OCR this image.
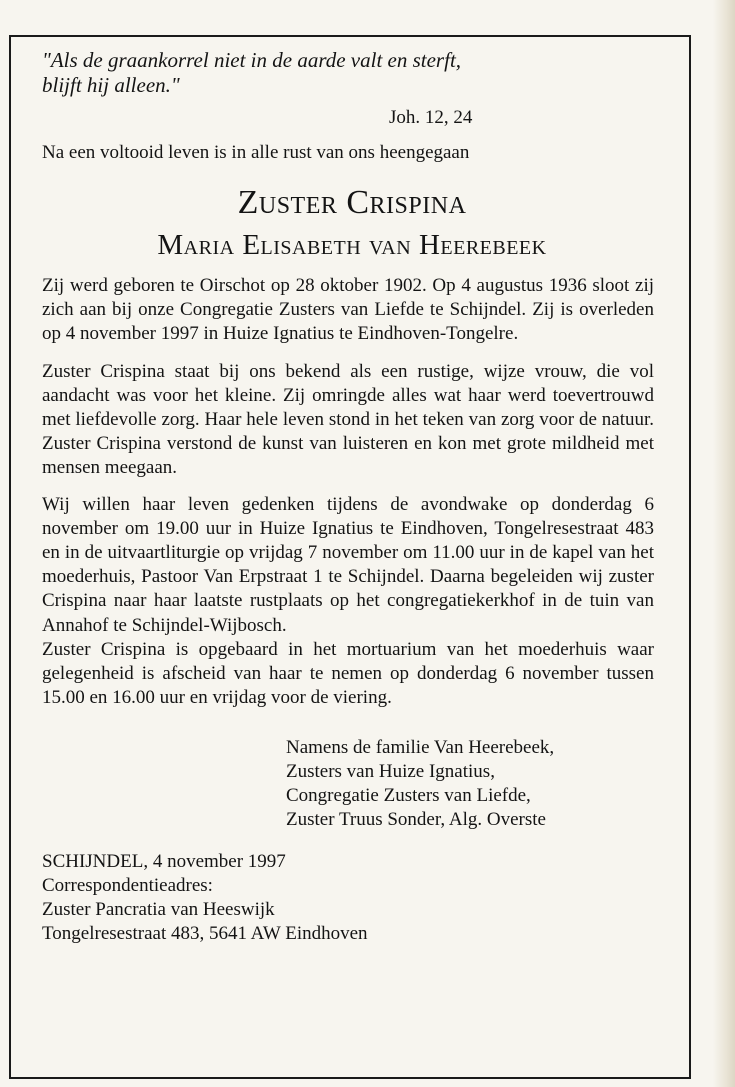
"Als de graankorrel niet in de aarde valt en sterft,

blijft hij alleen."

Joh. 12, 24
Na een voltooid leven is in alle rust van ons heengegaan
Zuster Crispina
Maria Elisabeth van Heerebeek

Zij werd geboren te Oirschot op 28 oktober 1902. Op 4 augustus 1936 sloot zij zich aan bij onze Congregatie Zusters van Liefde te Schijndel. Zij is overleden op 4 november 1997 in Huize Ignatius te Eindhoven-Tongelre.

Zuster Crispina staat bij ons bekend als een rustige, wijze vrouw, die vol aandacht was voor het kleine. Zij omringde alles wat haar werd toevertrouwd met liefdevolle zorg. Haar hele leven stond in het teken van zorg voor de natuur. Zuster Crispina verstond de kunst van luisteren en kon met grote mildheid met mensen meegaan.

Wij willen haar leven gedenken tijdens de avondwake op donderdag 6 november om 19.00 uur in Huize Ignatius te Eindhoven, Tongelresestraat 483 en in de uitvaartliturgie op vrijdag 7 november om 11.00 uur in de kapel van het moederhuis, Pastoor Van Erpstraat 1 te Schijndel. Daarna begeleiden wij zuster Crispina naar haar laatste rustplaats op het congregatiekerkhof in de tuin van Annahof te Schijndel-Wijbosch.

Zuster Crispina is opgebaard in het mortuarium van het moederhuis waar gelegenheid is afscheid van haar te nemen op donderdag 6 november tussen 15.00 en 16.00 uur en vrijdag voor de viering.

Namens de familie Van Heerebeek,
Zusters van Huize Ignatius,
Congregatie Zusters van Liefde,
Zuster Truus Sonder, Alg. Overste
SCHIJNDEL, 4 november 1997
Correspondentieadres:
Zuster Pancratia van Heeswijk
Tongelresestraat 483, 5641 AW Eindhoven
